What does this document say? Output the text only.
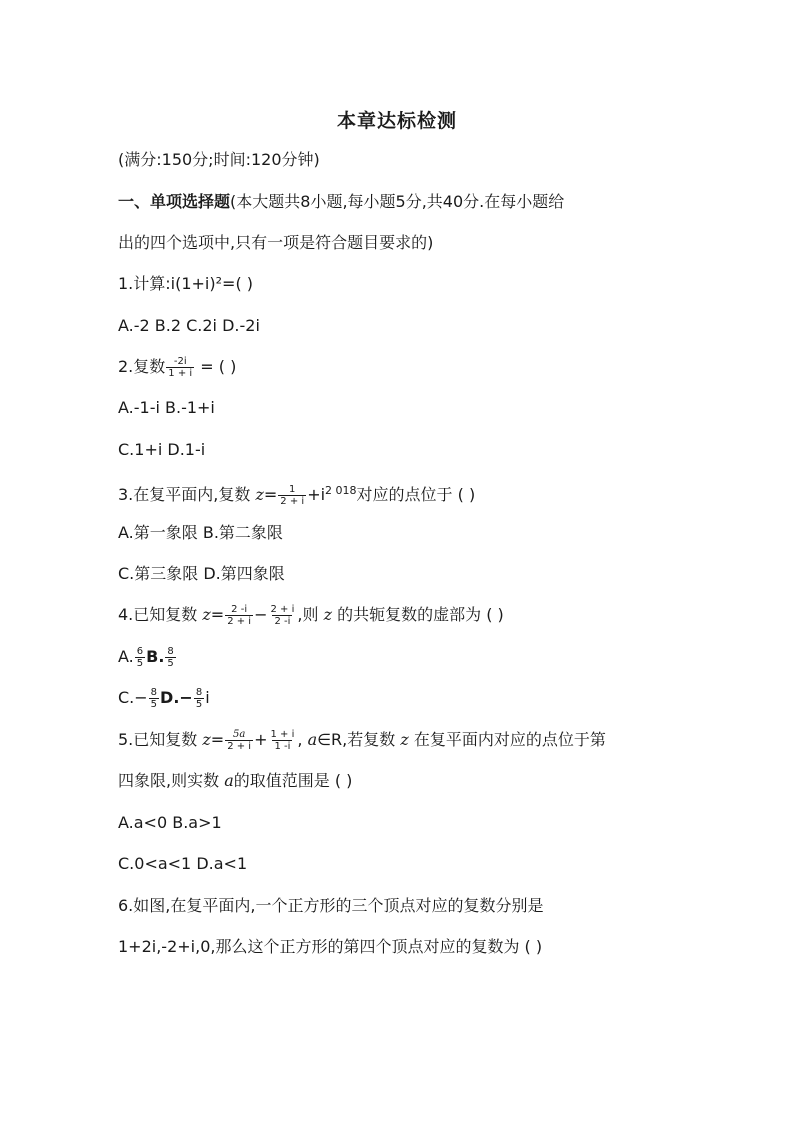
本章达标检测
(满分:150分;时间:120分钟)
一、单项选择题(本大题共8小题,每小题5分,共40分.在每小题给
出的四个选项中,只有一项是符合题目要求的)
1.计算:i(1+i)²=( )
A.-2 B.2 C.2i D.-2i
2.复数 $\frac{-2i}{1 + i}$ = ( )
A.-1-i B.-1+i
C.1+i D.1-i
3.在复平面内,复数 $z= \frac{1}{2 + i} +i^{2 018}$对应的点位于 ( )
A.第一象限 B.第二象限
C.第三象限 D.第四象限
4.已知复数 $z= \frac{2 -i}{2 + i} - \frac{2 + i}{2 -i}$ ,则 z 的共轭复数的虚部为 ( )
A. $\frac{6}{5} B$. $\frac{8}{5}$
$C.- \frac{8}{5} D.- \frac{8}{5}$ i
5.已知复数 $z= \frac{5a}{2 + i} + \frac{1 + i}{1 -i}$ , a∈R,若复数 z 在复平面内对应的点位于第
四象限,则实数 a的取值范围是 ( )
A.a<0 B.a>1
C.0<a<1 D.a<1
6.如图,在复平面内,一个正方形的三个顶点对应的复数分别是
1+2i,-2+i,0,那么这个正方形的第四个顶点对应的复数为 ( )
